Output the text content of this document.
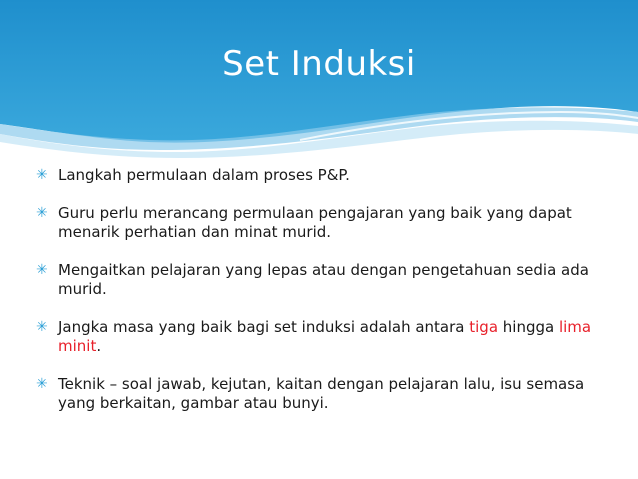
Set Induksi
✳ Langkah permulaan dalam proses P&P.
✳ Guru perlu merancang permulaan pengajaran yang baik yang dapat menarik perhatian dan minat murid.
✳ Mengaitkan pelajaran yang lepas atau dengan pengetahuan sedia ada murid.
✳ Jangka masa yang baik bagi set induksi adalah antara tiga hingga lima minit.
✳ Teknik – soal jawab, kejutan, kaitan dengan pelajaran lalu, isu semasa yang berkaitan, gambar atau bunyi.
